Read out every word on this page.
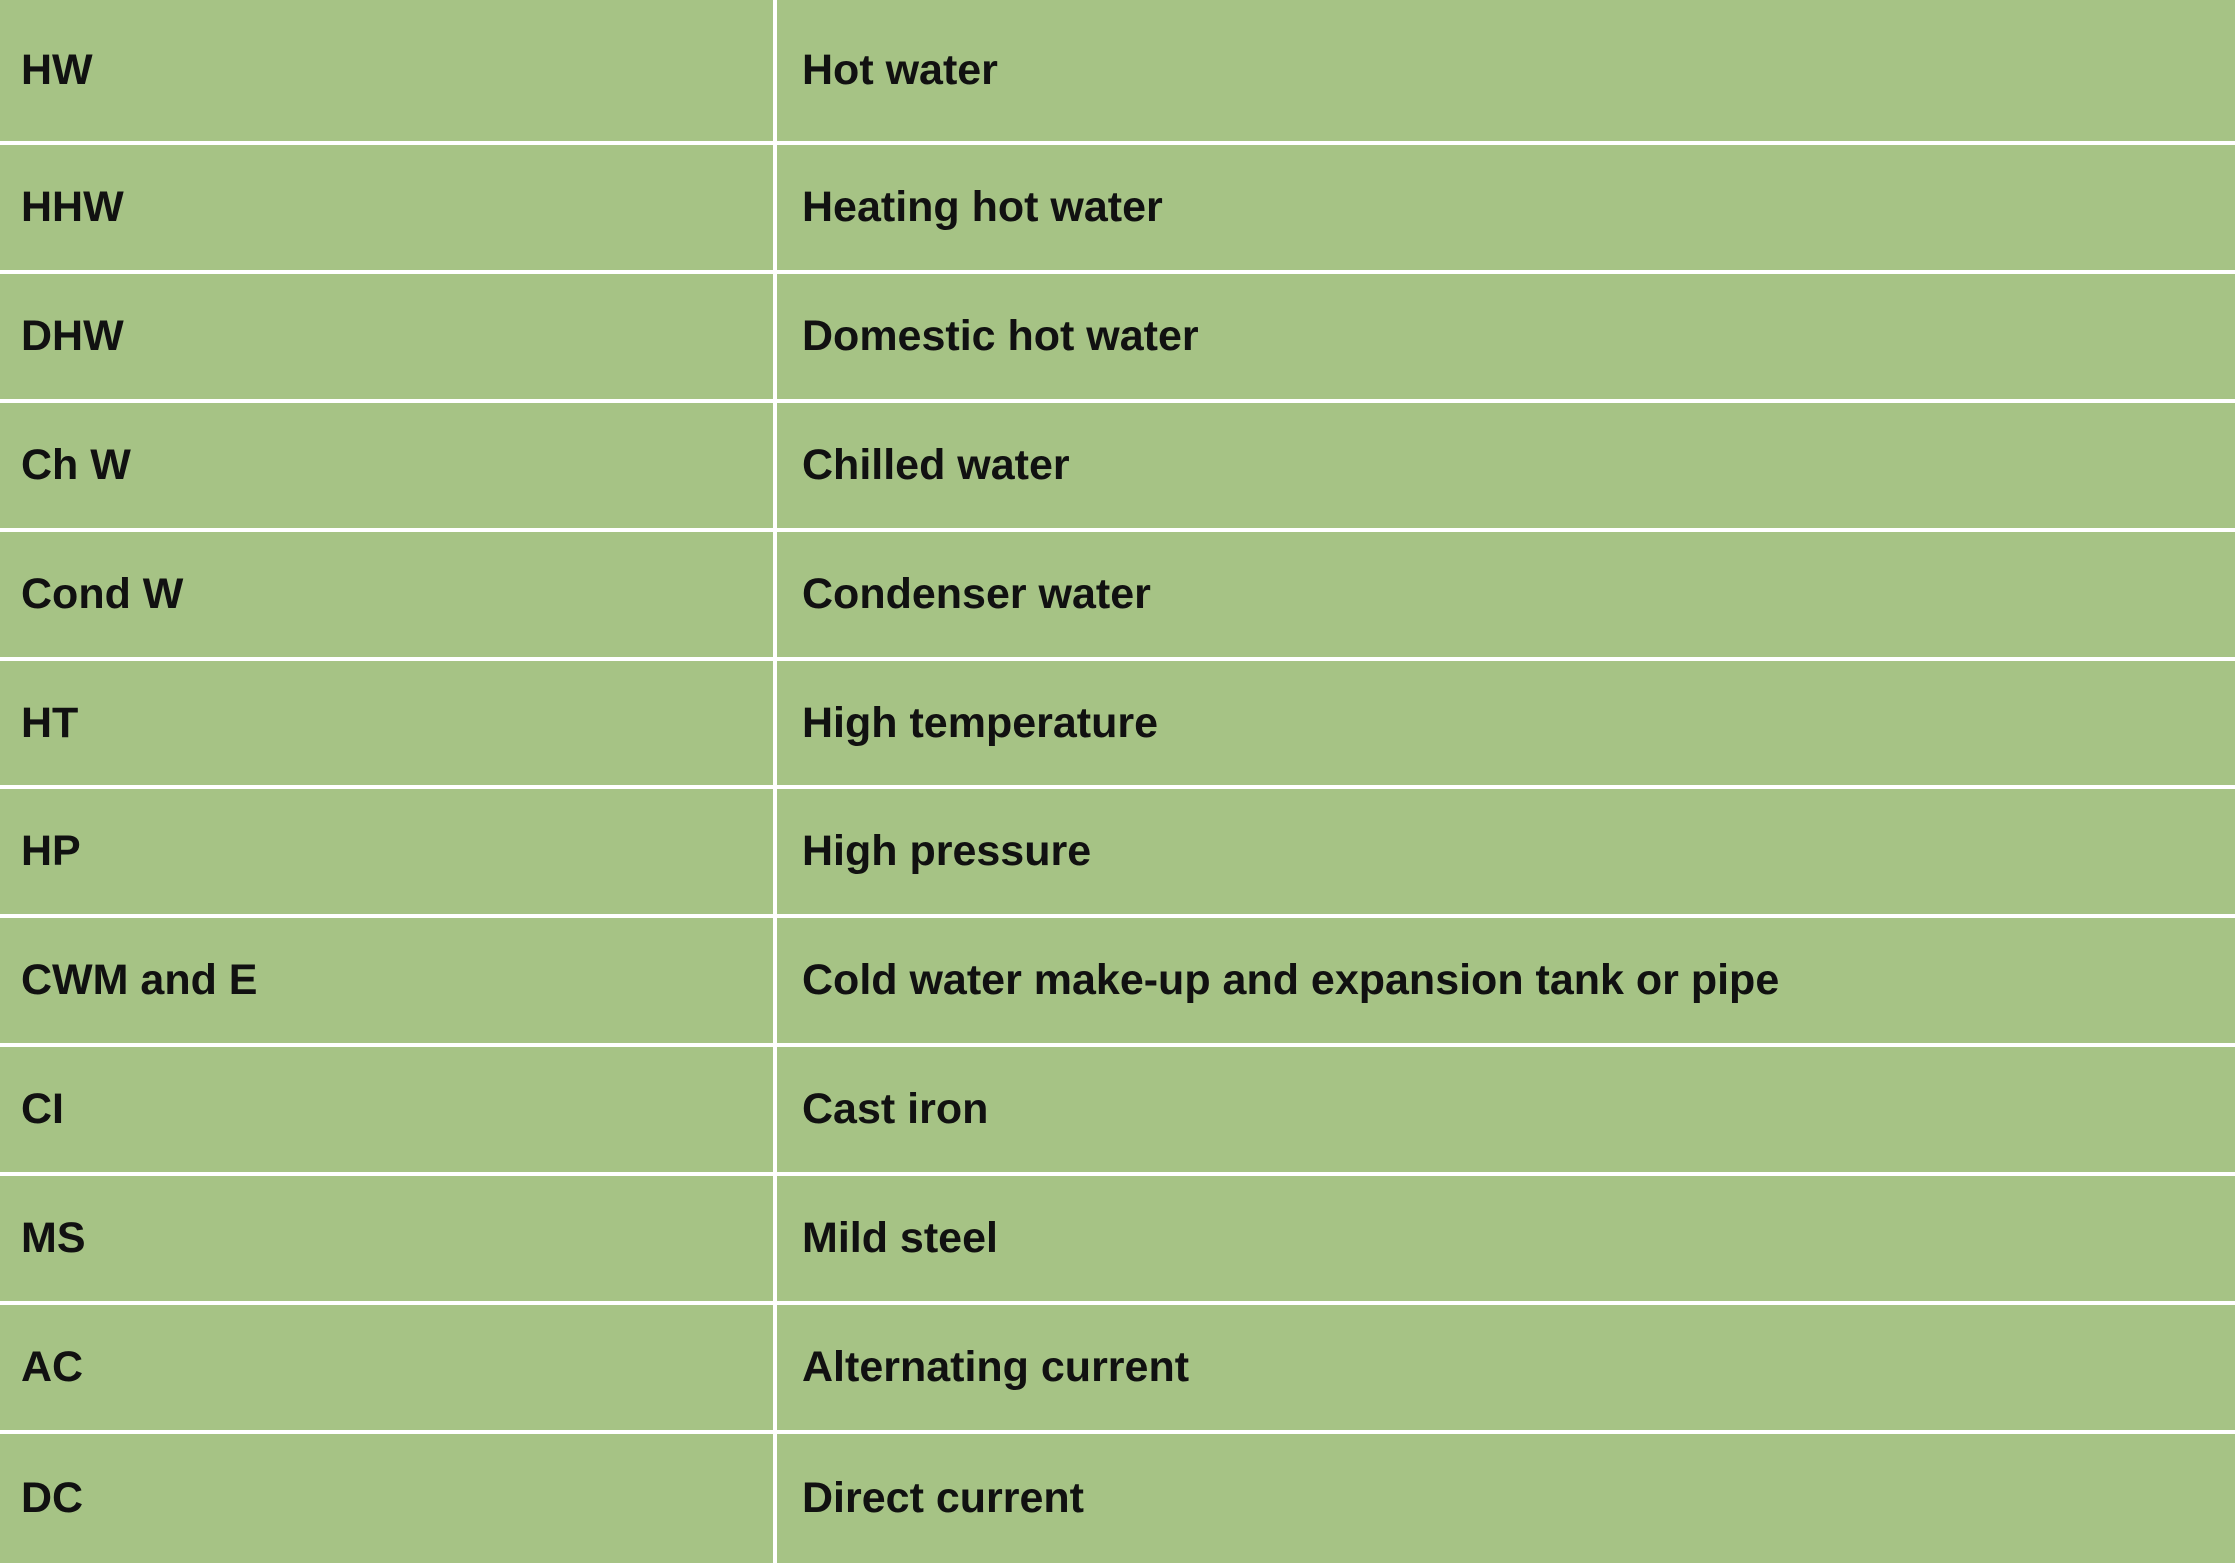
HW	Hot water
HHW	Heating hot water
DHW	Domestic hot water
Ch W	Chilled water
Cond W	Condenser water
HT	High temperature
HP	High pressure
CWM and E	Cold water make-up and expansion tank or pipe
CI	Cast iron
MS	Mild steel
AC	Alternating current
DC	Direct current
